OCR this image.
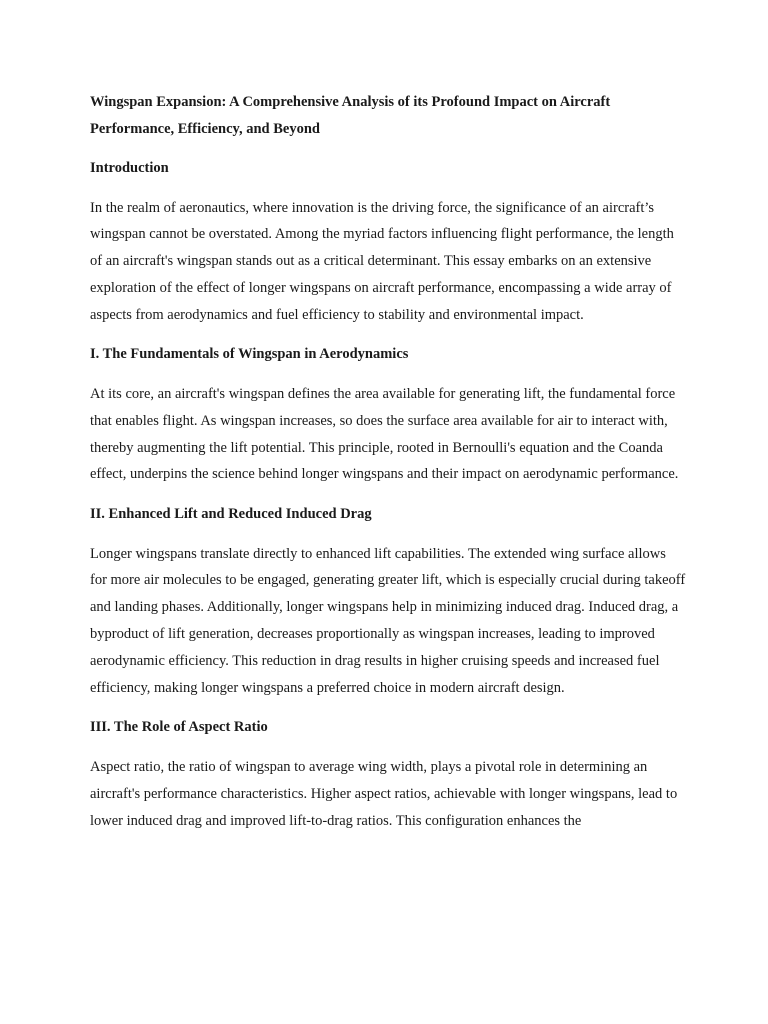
Wingspan Expansion: A Comprehensive Analysis of its Profound Impact on Aircraft Performance, Efficiency, and Beyond
Introduction

In the realm of aeronautics, where innovation is the driving force, the significance of an aircraft’s wingspan cannot be overstated. Among the myriad factors influencing flight performance, the length of an aircraft's wingspan stands out as a critical determinant. This essay embarks on an extensive exploration of the effect of longer wingspans on aircraft performance, encompassing a wide array of aspects from aerodynamics and fuel efficiency to stability and environmental impact.

I. The Fundamentals of Wingspan in Aerodynamics

At its core, an aircraft's wingspan defines the area available for generating lift, the fundamental force that enables flight. As wingspan increases, so does the surface area available for air to interact with, thereby augmenting the lift potential. This principle, rooted in Bernoulli's equation and the Coanda effect, underpins the science behind longer wingspans and their impact on aerodynamic performance.

II. Enhanced Lift and Reduced Induced Drag

Longer wingspans translate directly to enhanced lift capabilities. The extended wing surface allows for more air molecules to be engaged, generating greater lift, which is especially crucial during takeoff and landing phases. Additionally, longer wingspans help in minimizing induced drag. Induced drag, a byproduct of lift generation, decreases proportionally as wingspan increases, leading to improved aerodynamic efficiency. This reduction in drag results in higher cruising speeds and increased fuel efficiency, making longer wingspans a preferred choice in modern aircraft design.

III. The Role of Aspect Ratio

Aspect ratio, the ratio of wingspan to average wing width, plays a pivotal role in determining an aircraft's performance characteristics. Higher aspect ratios, achievable with longer wingspans, lead to lower induced drag and improved lift-to-drag ratios. This configuration enhances the
